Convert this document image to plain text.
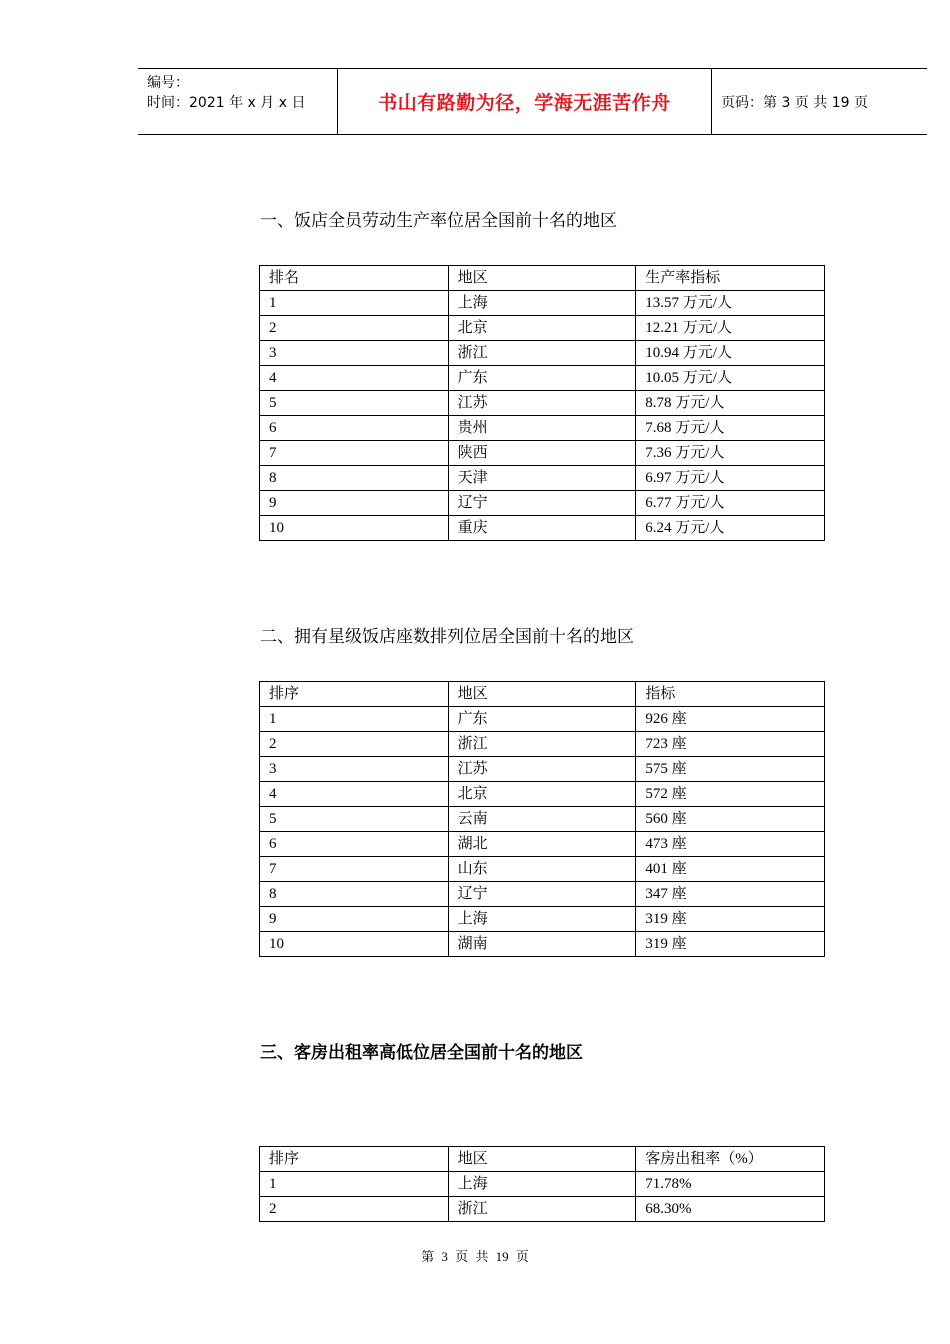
编号：
时间：2021 年 x 月 x 日	书山有路勤为径，学海无涯苦作舟	页码：第 3 页 共 19 页
一、饭店全员劳动生产率位居全国前十名的地区
排名	地区	生产率指标
1	上海	13.57 万元/人
2	北京	12.21 万元/人
3	浙江	10.94 万元/人
4	广东	10.05 万元/人
5	江苏	8.78 万元/人
6	贵州	7.68 万元/人
7	陕西	7.36 万元/人
8	天津	6.97 万元/人
9	辽宁	6.77 万元/人
10	重庆	6.24 万元/人
二、拥有星级饭店座数排列位居全国前十名的地区
排序	地区	指标
1	广东	926 座
2	浙江	723 座
3	江苏	575 座
4	北京	572 座
5	云南	560 座
6	湖北	473 座
7	山东	401 座
8	辽宁	347 座
9	上海	319 座
10	湖南	319 座
三、客房出租率高低位居全国前十名的地区
排序	地区	客房出租率（%）
1	上海	71.78%
2	浙江	68.30%
第 3 页 共 19 页
